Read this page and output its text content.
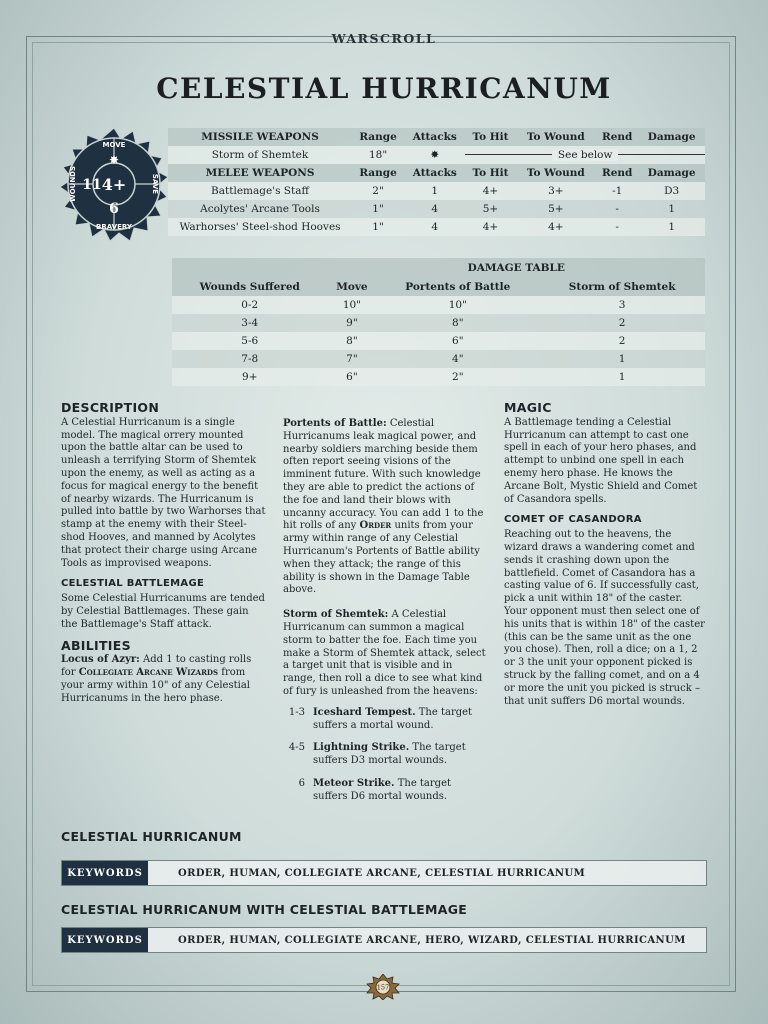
WARSCROLL
CELESTIAL HURRICANUM
MOVE
✸
BRAVERY
6
WOUNDS 11	SAVE
4+
MISSILE WEAPONS	Range	Attacks	To Hit	To Wound	Rend	Damage
Storm of Shemtek	18"	✸	See below			
MELEE WEAPONS	Range	Attacks	To Hit	To Wound	Rend	Damage
Battlemage's Staff	2"	1	4+	3+	-1	D3
Acolytes' Arcane Tools	1"	4	5+	5+	-	1
Warhorses' Steel-shod Hooves	1"	4	4+	4+	-	1
	DAMAGE TABLE		
Wounds Suffered	Move	Portents of Battle	Storm of Shemtek
0-2	10"	10"	3
3-4	9"	8"	2
5-6	8"	6"	2
7-8	7"	4"	1
9+	6"	2"	1
DESCRIPTION

A Celestial Hurricanum is a single model. The magical orrery mounted upon the battle altar can be used to unleash a terrifying Storm of Shemtek upon the enemy, as well as acting as a focus for magical energy to the benefit of nearby wizards. The Hurricanum is pulled into battle by two Warhorses that stamp at the enemy with their Steel-shod Hooves, and manned by Acolytes that protect their charge using Arcane Tools as improvised weapons.

CELESTIAL BATTLEMAGE

Some Celestial Hurricanums are tended by Celestial Battlemages. These gain the Battlemage's Staff attack.

ABILITIES

Locus of Azyr: Add 1 to casting rolls for Collegiate Arcane Wizards from your army within 10" of any Celestial Hurricanums in the hero phase.

Portents of Battle: Celestial Hurricanums leak magical power, and nearby soldiers marching beside them often report seeing visions of the imminent future. With such knowledge they are able to predict the actions of the foe and land their blows with uncanny accuracy. You can add 1 to the hit rolls of any Order units from your army within range of any Celestial Hurricanum's Portents of Battle ability when they attack; the range of this ability is shown in the Damage Table above.

Storm of Shemtek: A Celestial Hurricanum can summon a magical storm to batter the foe. Each time you make a Storm of Shemtek attack, select a target unit that is visible and in range, then roll a dice to see what kind of fury is unleashed from the heavens:

1-3 Iceshard Tempest. The target suffers a mortal wound.
4-5 Lightning Strike. The target suffers D3 mortal wounds.
6 Meteor Strike. The target suffers D6 mortal wounds.
MAGIC

A Battlemage tending a Celestial Hurricanum can attempt to cast one spell in each of your hero phases, and attempt to unbind one spell in each enemy hero phase. He knows the Arcane Bolt, Mystic Shield and Comet of Casandora spells.

COMET OF CASANDORA

Reaching out to the heavens, the wizard draws a wandering comet and sends it crashing down upon the battlefield. Comet of Casandora has a casting value of 6. If successfully cast, pick a unit within 18" of the caster. Your opponent must then select one of his units that is within 18" of the caster (this can be the same unit as the one you chose). Then, roll a dice; on a 1, 2 or 3 the unit your opponent picked is struck by the falling comet, and on a 4 or more the unit you picked is struck – that unit suffers D6 mortal wounds.

CELESTIAL HURRICANUM
KEYWORDS	ORDER, HUMAN, COLLEGIATE ARCANE, CELESTIAL HURRICANUM
CELESTIAL HURRICANUM WITH CELESTIAL BATTLEMAGE
KEYWORDS	ORDER, HUMAN, COLLEGIATE ARCANE, HERO, WIZARD, CELESTIAL HURRICANUM
157
